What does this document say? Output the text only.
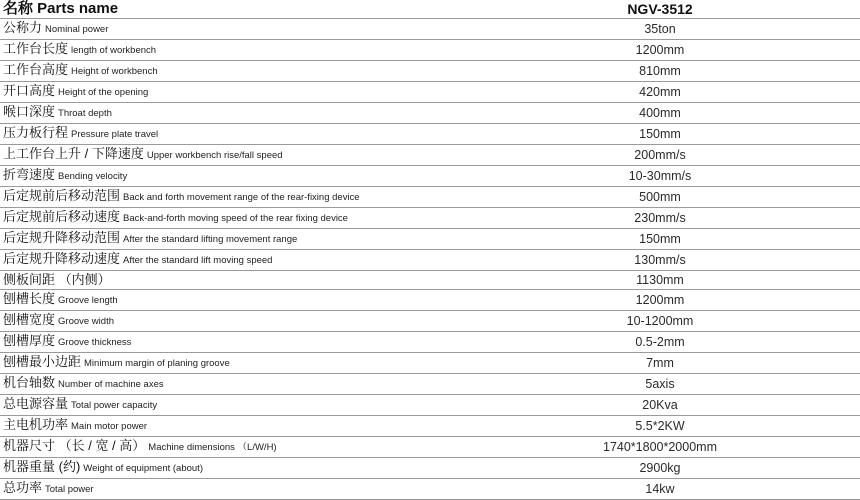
名称 Parts name	NGV-3512
公称力 Nominal power	35ton
工作台长度 length of workbench	1200mm
工作台高度 Height of workbench	810mm
开口高度 Height of the opening	420mm
喉口深度 Throat depth	400mm
压力板行程 Pressure plate travel	150mm
上工作台上升 / 下降速度 Upper workbench rise/fall speed	200mm/s
折弯速度 Bending velocity	10-30mm/s
后定规前后移动范围 Back and forth movement range of the rear-fixing device	500mm
后定规前后移动速度 Back-and-forth moving speed of the rear fixing device	230mm/s
后定规升降移动范围 After the standard lifting movement range	150mm
后定规升降移动速度 After the standard lift moving speed	130mm/s
侧板间距 （内侧）	1130mm
刨槽长度 Groove length	1200mm
刨槽宽度 Groove width	10-1200mm
刨槽厚度 Groove thickness	0.5-2mm
刨槽最小边距 Minimum margin of planing groove	7mm
机台轴数 Number of machine axes	5axis
总电源容量 Total power capacity	20Kva
主电机功率 Main motor power	5.5*2KW
机器尺寸 （长 / 宽 / 高） Machine dimensions （L/W/H)	1740*1800*2000mm
机器重量 (约) Weight of equipment (about)	2900kg
总功率 Total power	14kw
